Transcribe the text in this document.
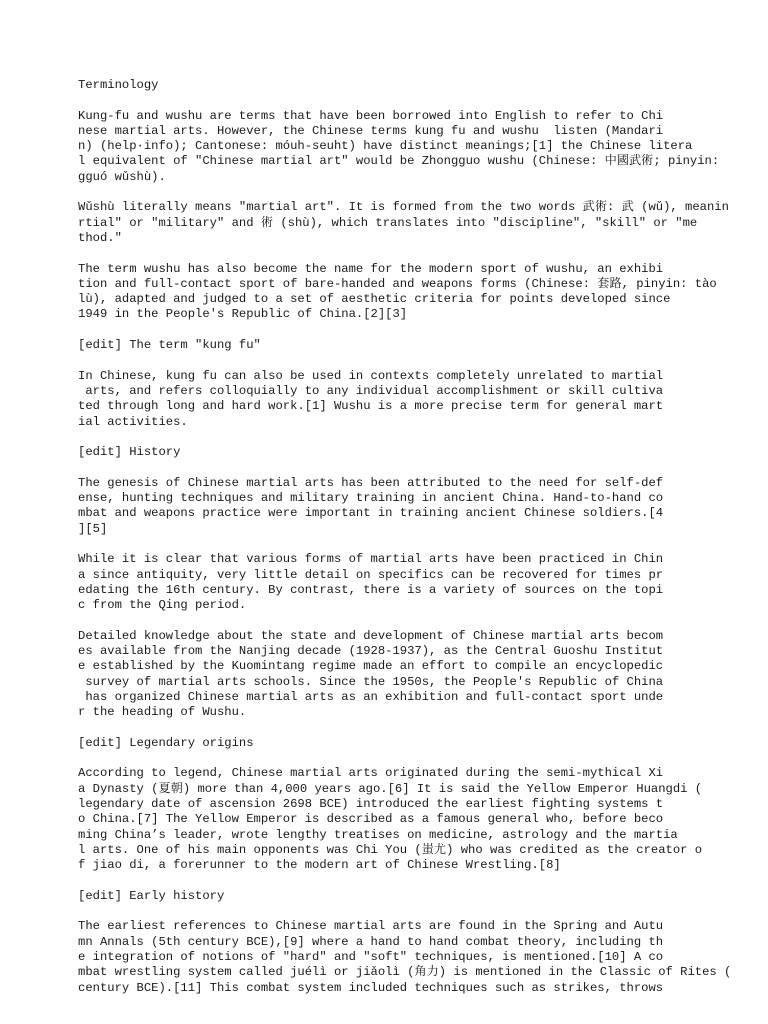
Terminology
Kung-fu and wushu are terms that have been borrowed into English to refer to Chi
nese martial arts. However, the Chinese terms kung fu and wushu  listen (Mandari
n) (help·info); Cantonese: móuh-seuht) have distinct meanings;[1] the Chinese litera
l equivalent of "Chinese martial art" would be Zhongguo wushu (Chinese: 中國武術; pinyin:
gguó wǔshù).
Wǔshù literally means "martial art". It is formed from the two words 武術: 武 (wǔ), meanin
rtial" or "military" and 術 (shù), which translates into "discipline", "skill" or "me
thod."
The term wushu has also become the name for the modern sport of wushu, an exhibi
tion and full-contact sport of bare-handed and weapons forms (Chinese: 套路, pinyin: tào
lù), adapted and judged to a set of aesthetic criteria for points developed since
1949 in the People's Republic of China.[2][3]
[edit] The term "kung fu"
In Chinese, kung fu can also be used in contexts completely unrelated to martial
arts, and refers colloquially to any individual accomplishment or skill cultiva
ted through long and hard work.[1] Wushu is a more precise term for general mart
ial activities.
[edit] History
The genesis of Chinese martial arts has been attributed to the need for self-def
ense, hunting techniques and military training in ancient China. Hand-to-hand co
mbat and weapons practice were important in training ancient Chinese soldiers.[4
][5]
While it is clear that various forms of martial arts have been practiced in Chin
a since antiquity, very little detail on specifics can be recovered for times pr
edating the 16th century. By contrast, there is a variety of sources on the topi
c from the Qing period.
Detailed knowledge about the state and development of Chinese martial arts becom
es available from the Nanjing decade (1928-1937), as the Central Guoshu Institut
e established by the Kuomintang regime made an effort to compile an encyclopedic
survey of martial arts schools. Since the 1950s, the People's Republic of China
has organized Chinese martial arts as an exhibition and full-contact sport unde
r the heading of Wushu.
[edit] Legendary origins
According to legend, Chinese martial arts originated during the semi-mythical Xi
a Dynasty (夏朝) more than 4,000 years ago.[6] It is said the Yellow Emperor Huangdi (
legendary date of ascension 2698 BCE) introduced the earliest fighting systems t
o China.[7] The Yellow Emperor is described as a famous general who, before beco
ming China’s leader, wrote lengthy treatises on medicine, astrology and the martia
l arts. One of his main opponents was Chi You (蚩尤) who was credited as the creator o
f jiao di, a forerunner to the modern art of Chinese Wrestling.[8]
[edit] Early history
The earliest references to Chinese martial arts are found in the Spring and Autu
mn Annals (5th century BCE),[9] where a hand to hand combat theory, including th
e integration of notions of "hard" and "soft" techniques, is mentioned.[10] A co
mbat wrestling system called juélì or jiǎolì (角力) is mentioned in the Classic of Rites (
century BCE).[11] This combat system included techniques such as strikes, throws
